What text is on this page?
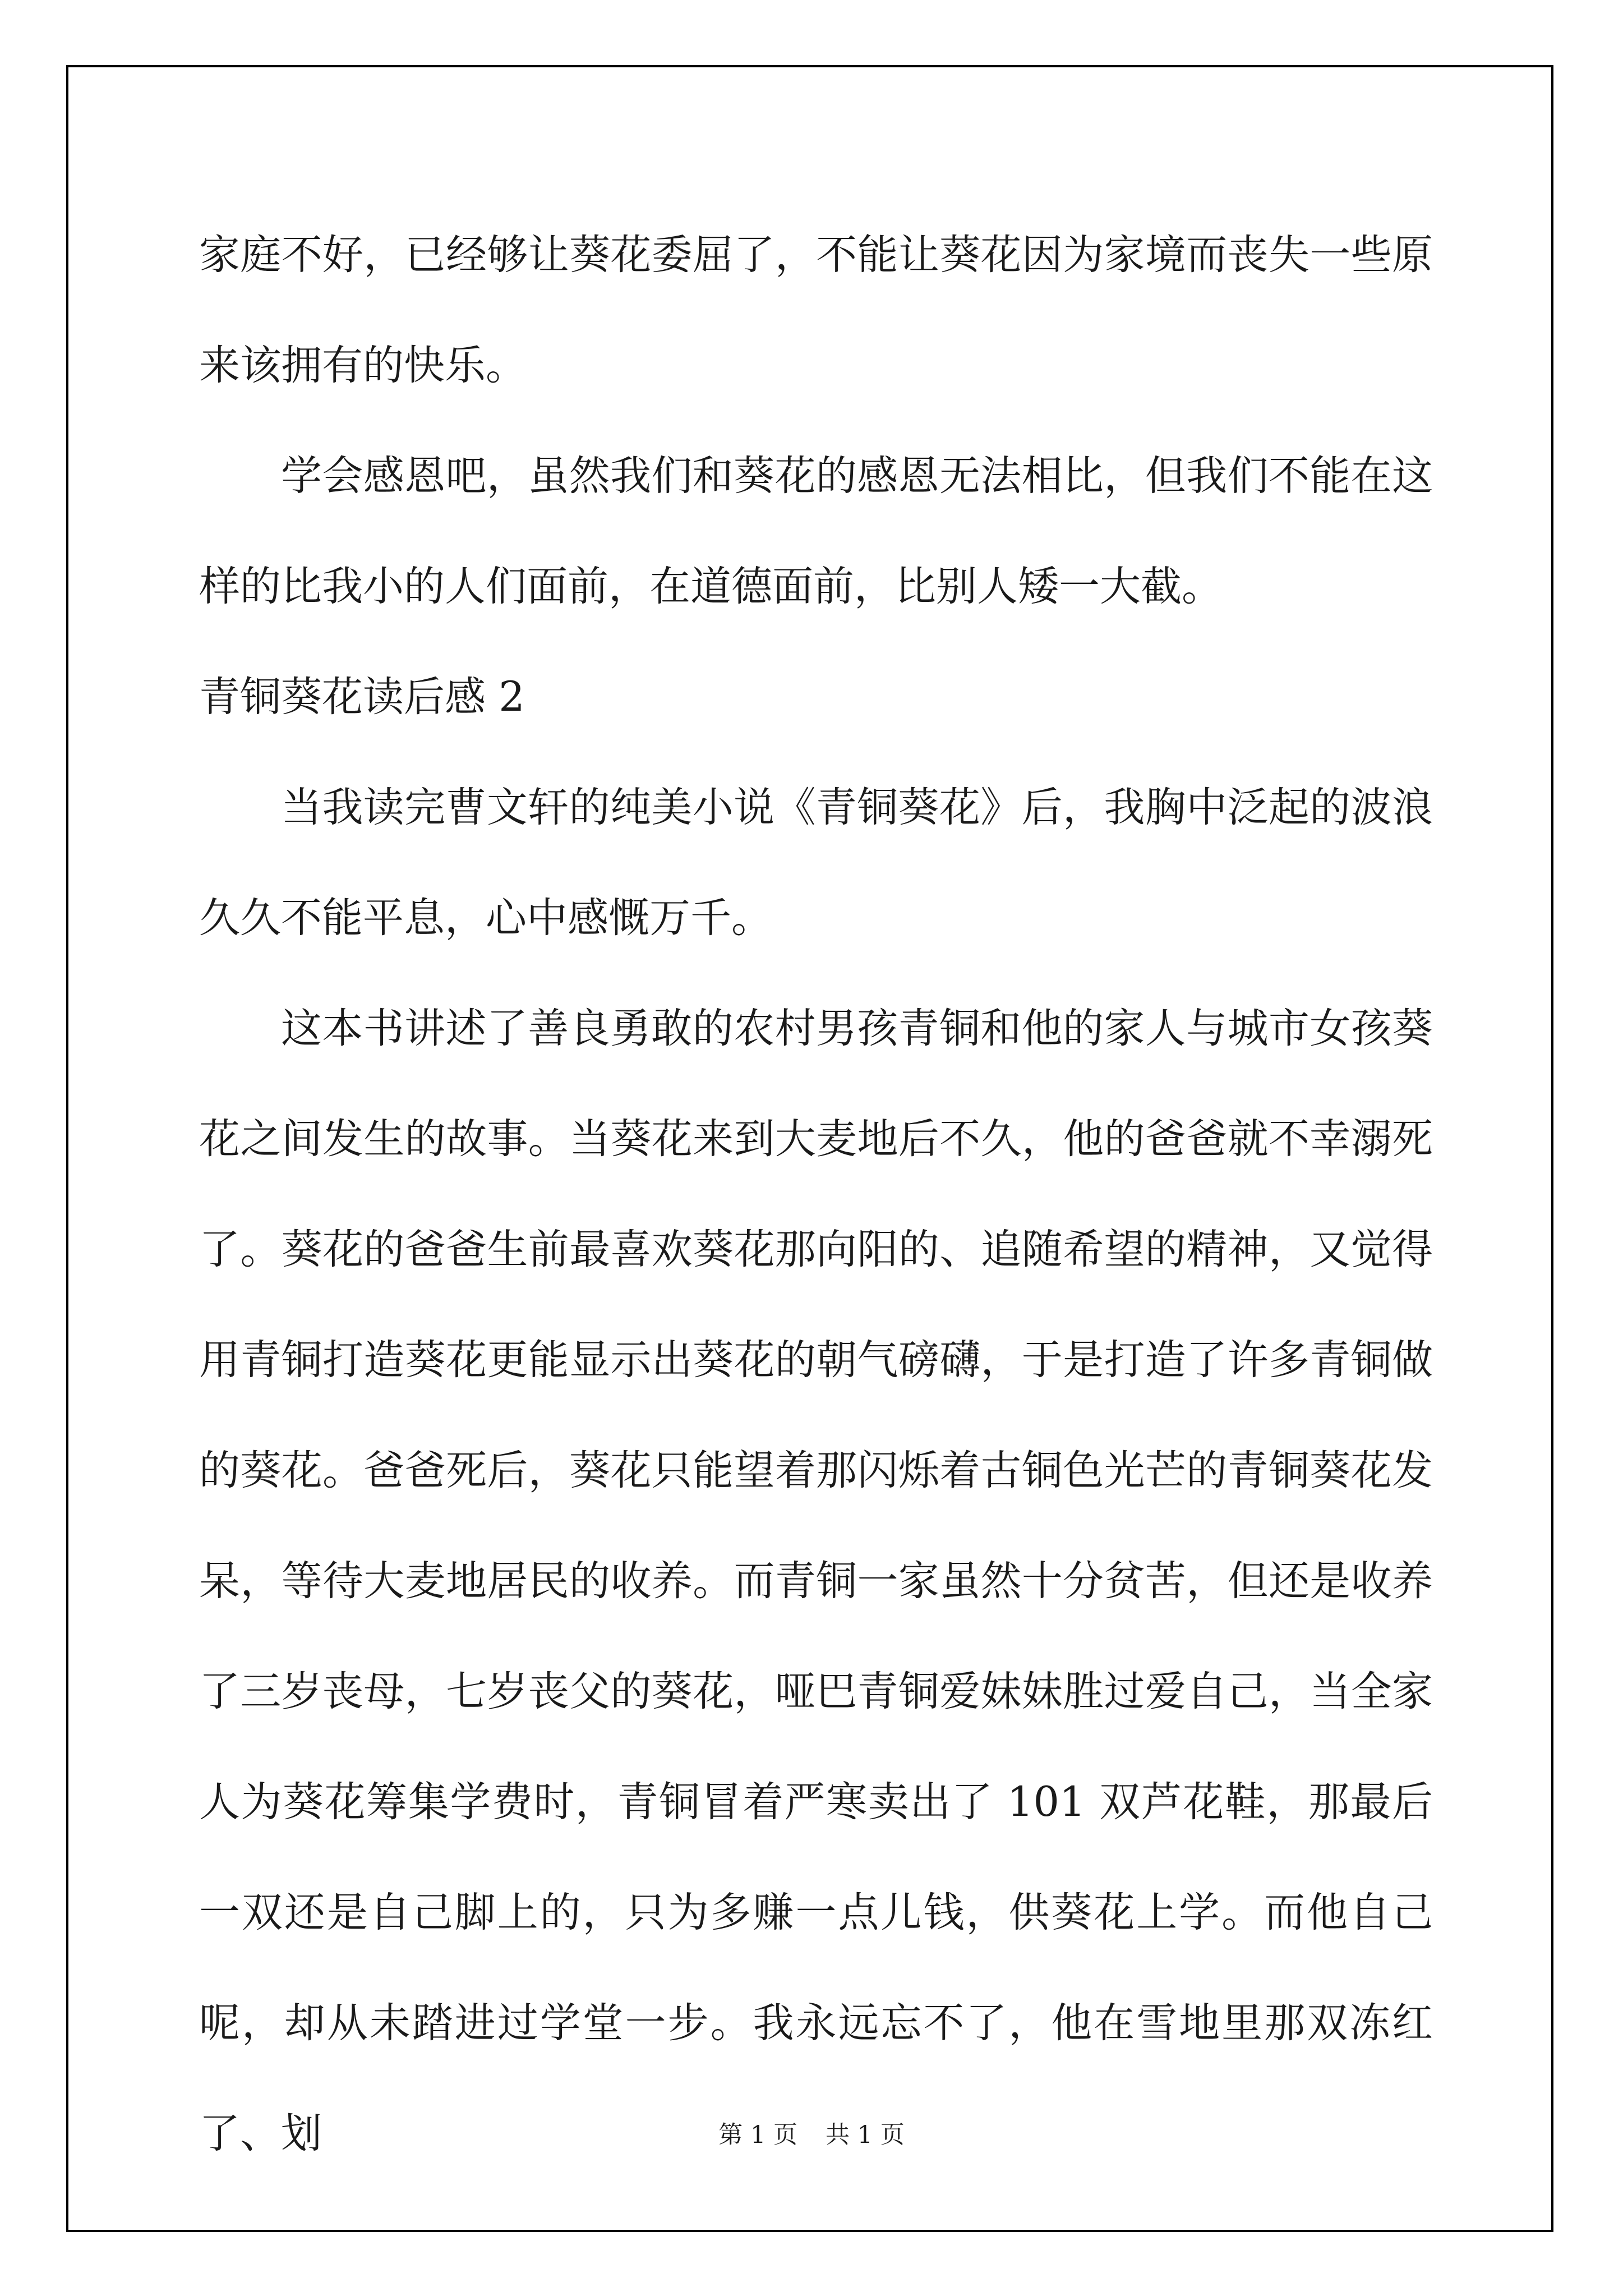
家庭不好，已经够让葵花委屈了，不能让葵花因为家境而丧失一些原来该拥有的快乐。

学会感恩吧，虽然我们和葵花的感恩无法相比，但我们不能在这样的比我小的人们面前，在道德面前，比别人矮一大截。

青铜葵花读后感 2

当我读完曹文轩的纯美小说《青铜葵花》后，我胸中泛起的波浪久久不能平息，心中感慨万千。

这本书讲述了善良勇敢的农村男孩青铜和他的家人与城市女孩葵花之间发生的故事。当葵花来到大麦地后不久，他的爸爸就不幸溺死了。葵花的爸爸生前最喜欢葵花那向阳的、追随希望的精神，又觉得用青铜打造葵花更能显示出葵花的朝气磅礴，于是打造了许多青铜做的葵花。爸爸死后，葵花只能望着那闪烁着古铜色光芒的青铜葵花发呆，等待大麦地居民的收养。而青铜一家虽然十分贫苦，但还是收养了三岁丧母，七岁丧父的葵花，哑巴青铜爱妹妹胜过爱自己，当全家人为葵花筹集学费时，青铜冒着严寒卖出了 101 双芦花鞋，那最后一双还是自己脚上的，只为多赚一点儿钱，供葵花上学。而他自己呢，却从未踏进过学堂一步。我永远忘不了，他在雪地里那双冻红了、划	第 1 页 共 1 页
